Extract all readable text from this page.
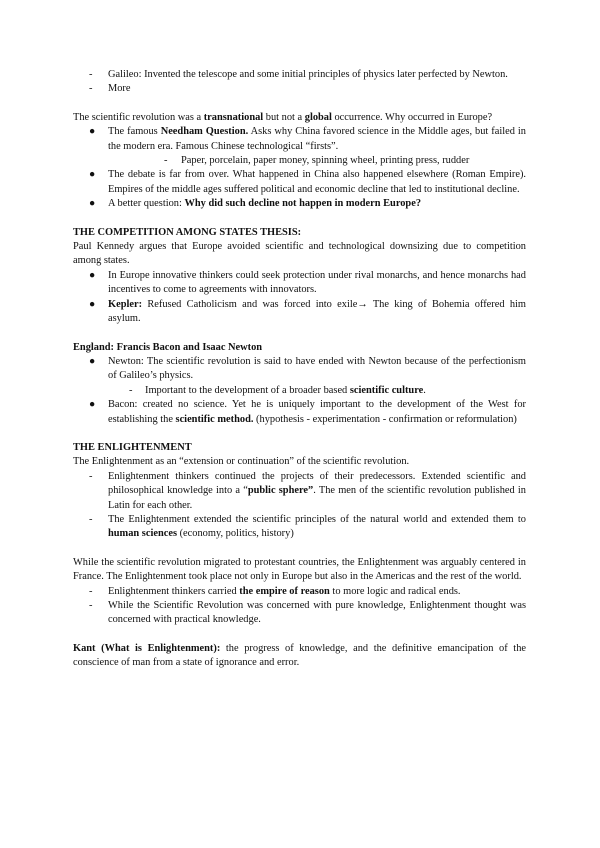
- Galileo: Invented the telescope and some initial principles of physics later perfected by Newton.
- More

The scientific revolution was a transnational but not a global occurrence. Why occurred in Europe?

● The famous Needham Question. Asks why China favored science in the Middle ages, but failed in the modern era. Famous Chinese technological “firsts”.
- Paper, porcelain, paper money, spinning wheel, printing press, rudder
● The debate is far from over. What happened in China also happened elsewhere (Roman Empire). Empires of the middle ages suffered political and economic decline that led to institutional decline.
● A better question: Why did such decline not happen in modern Europe?

THE COMPETITION AMONG STATES THESIS:

Paul Kennedy argues that Europe avoided scientific and technological downsizing due to competition among states.

● In Europe innovative thinkers could seek protection under rival monarchs, and hence monarchs had incentives to come to agreements with innovators.
● Kepler: Refused Catholicism and was forced into exile→ The king of Bohemia offered him asylum.

England: Francis Bacon and Isaac Newton

● Newton: The scientific revolution is said to have ended with Newton because of the perfectionism of Galileo’s physics.
- Important to the development of a broader based scientific culture.
● Bacon: created no science. Yet he is uniquely important to the development of the West for establishing the scientific method. (hypothesis - experimentation - confirmation or reformulation)

THE ENLIGHTENMENT

The Enlightenment as an “extension or continuation” of the scientific revolution.

- Enlightenment thinkers continued the projects of their predecessors. Extended scientific and philosophical knowledge into a “public sphere”. The men of the scientific revolution published in Latin for each other.
- The Enlightenment extended the scientific principles of the natural world and extended them to human sciences (economy, politics, history)

While the scientific revolution migrated to protestant countries, the Enlightenment was arguably centered in France. The Enlightenment took place not only in Europe but also in the Americas and the rest of the world.

- Enlightenment thinkers carried the empire of reason to more logic and radical ends.
- While the Scientific Revolution was concerned with pure knowledge, Enlightenment thought was concerned with practical knowledge.

Kant (What is Enlightenment): the progress of knowledge, and the definitive emancipation of the conscience of man from a state of ignorance and error.
